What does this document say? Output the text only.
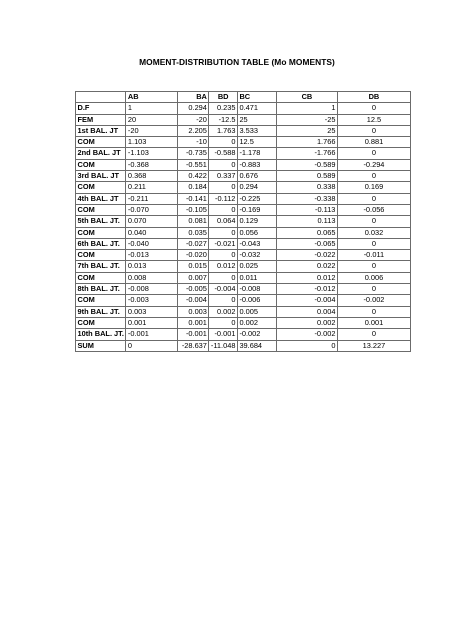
MOMENT-DISTRIBUTION TABLE (Mo MOMENTS)
	AB	BA	BD	BC	CB	DB
D.F	1	0.294	0.235	0.471	1	0
FEM	20	-20	-12.5	25	-25	12.5
1st BAL. JT	-20	2.205	1.763	3.533	25	0
COM	1.103	-10	0	12.5	1.766	0.881
2nd BAL. JT	-1.103	-0.735	-0.588	-1.178	-1.766	0
COM	-0.368	-0.551	0	-0.883	-0.589	-0.294
3rd BAL. JT	0.368	0.422	0.337	0.676	0.589	0
COM	0.211	0.184	0	0.294	0.338	0.169
4th BAL. JT	-0.211	-0.141	-0.112	-0.225	-0.338	0
COM	-0.070	-0.105	0	-0.169	-0.113	-0.056
5th BAL. JT.	0.070	0.081	0.064	0.129	0.113	0
COM	0.040	0.035	0	0.056	0.065	0.032
6th BAL. JT.	-0.040	-0.027	-0.021	-0.043	-0.065	0
COM	-0.013	-0.020	0	-0.032	-0.022	-0.011
7th BAL. JT.	0.013	0.015	0.012	0.025	0.022	0
COM	0.008	0.007	0	0.011	0.012	0.006
8th BAL. JT.	-0.008	-0.005	-0.004	-0.008	-0.012	0
COM	-0.003	-0.004	0	-0.006	-0.004	-0.002
9th BAL. JT.	0.003	0.003	0.002	0.005	0.004	0
COM	0.001	0.001	0	0.002	0.002	0.001
10th BAL. JT.	-0.001	-0.001	-0.001	-0.002	-0.002	0
SUM	0	-28.637	-11.048	39.684	0	13.227
